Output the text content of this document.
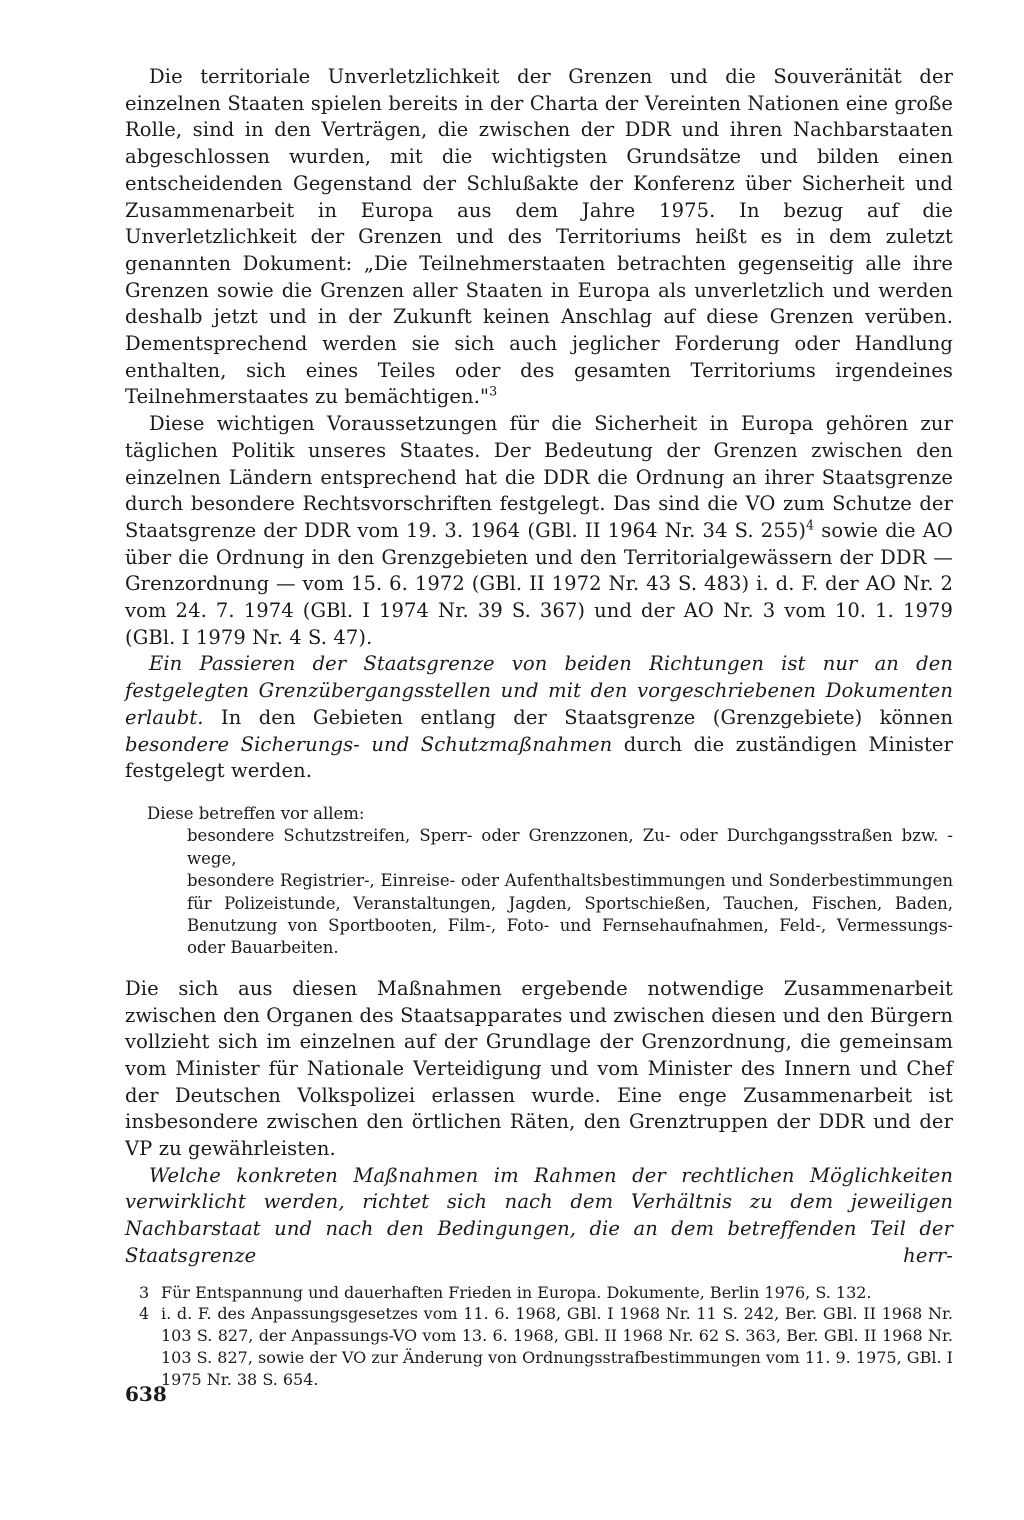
Die territoriale Unverletzlichkeit der Grenzen und die Souveränität der einzelnen Staaten spielen bereits in der Charta der Vereinten Nationen eine große Rolle, sind in den Verträgen, die zwischen der DDR und ihren Nachbarstaaten abgeschlossen wurden, mit die wichtigsten Grundsätze und bilden einen entscheidenden Gegenstand der Schlußakte der Konferenz über Sicherheit und Zusammenarbeit in Europa aus dem Jahre 1975. In bezug auf die Unverletzlichkeit der Grenzen und des Territoriums heißt es in dem zuletzt genannten Dokument: „Die Teilnehmerstaaten betrachten gegenseitig alle ihre Grenzen sowie die Grenzen aller Staaten in Europa als unverletzlich und werden deshalb jetzt und in der Zukunft keinen Anschlag auf diese Grenzen verüben. Dementsprechend werden sie sich auch jeglicher Forderung oder Handlung enthalten, sich eines Teiles oder des gesamten Territoriums irgendeines Teilnehmerstaates zu bemächtigen."$^3$

Diese wichtigen Voraussetzungen für die Sicherheit in Europa gehören zur täglichen Politik unseres Staates. Der Bedeutung der Grenzen zwischen den einzelnen Ländern entsprechend hat die DDR die Ordnung an ihrer Staatsgrenze durch besondere Rechtsvorschriften festgelegt. Das sind die VO zum Schutze der Staatsgrenze der DDR vom 19. 3. 1964 (GBl. II 1964 Nr. 34 S. 255)$^4$ sowie die AO über die Ordnung in den Grenzgebieten und den Territorialgewässern der DDR — Grenzordnung — vom 15. 6. 1972 (GBl. II 1972 Nr. 43 S. 483) i. d. F. der AO Nr. 2 vom 24. 7. 1974 (GBl. I 1974 Nr. 39 S. 367) und der AO Nr. 3 vom 10. 1. 1979 (GBl. I 1979 Nr. 4 S. 47).

Ein Passieren der Staatsgrenze von beiden Richtungen ist nur an den festgelegten Grenzübergangsstellen und mit den vorgeschriebenen Dokumenten erlaubt. In den Gebieten entlang der Staatsgrenze (Grenzgebiete) können besondere Sicherungs- und Schutzmaßnahmen durch die zuständigen Minister festgelegt werden.

Diese betreffen vor allem:

besondere Schutzstreifen, Sperr- oder Grenzzonen, Zu- oder Durchgangsstraßen bzw. -wege,
besondere Registrier-, Einreise- oder Aufenthaltsbestimmungen und Sonderbestimmungen für Polizeistunde, Veranstaltungen, Jagden, Sportschießen, Tauchen, Fischen, Baden, Benutzung von Sportbooten, Film-, Foto- und Fernsehaufnahmen, Feld-, Vermessungs- oder Bauarbeiten.

Die sich aus diesen Maßnahmen ergebende notwendige Zusammenarbeit zwischen den Organen des Staatsapparates und zwischen diesen und den Bürgern vollzieht sich im einzelnen auf der Grundlage der Grenzordnung, die gemeinsam vom Minister für Nationale Verteidigung und vom Minister des Innern und Chef der Deutschen Volkspolizei erlassen wurde. Eine enge Zusammenarbeit ist insbesondere zwischen den örtlichen Räten, den Grenztruppen der DDR und der VP zu gewährleisten.

Welche konkreten Maßnahmen im Rahmen der rechtlichen Möglichkeiten verwirklicht werden, richtet sich nach dem Verhältnis zu dem jeweiligen Nachbarstaat und nach den Bedingungen, die an dem betreffenden Teil der Staatsgrenze herr-

3 Für Entspannung und dauerhaften Frieden in Europa. Dokumente, Berlin 1976, S. 132.
4 i. d. F. des Anpassungsgesetzes vom 11. 6. 1968, GBl. I 1968 Nr. 11 S. 242, Ber. GBl. II 1968 Nr. 103 S. 827, der Anpassungs-VO vom 13. 6. 1968, GBl. II 1968 Nr. 62 S. 363, Ber. GBl. II 1968 Nr. 103 S. 827, sowie der VO zur Änderung von Ordnungsstrafbestimmungen vom 11. 9. 1975, GBl. I 1975 Nr. 38 S. 654.
638
